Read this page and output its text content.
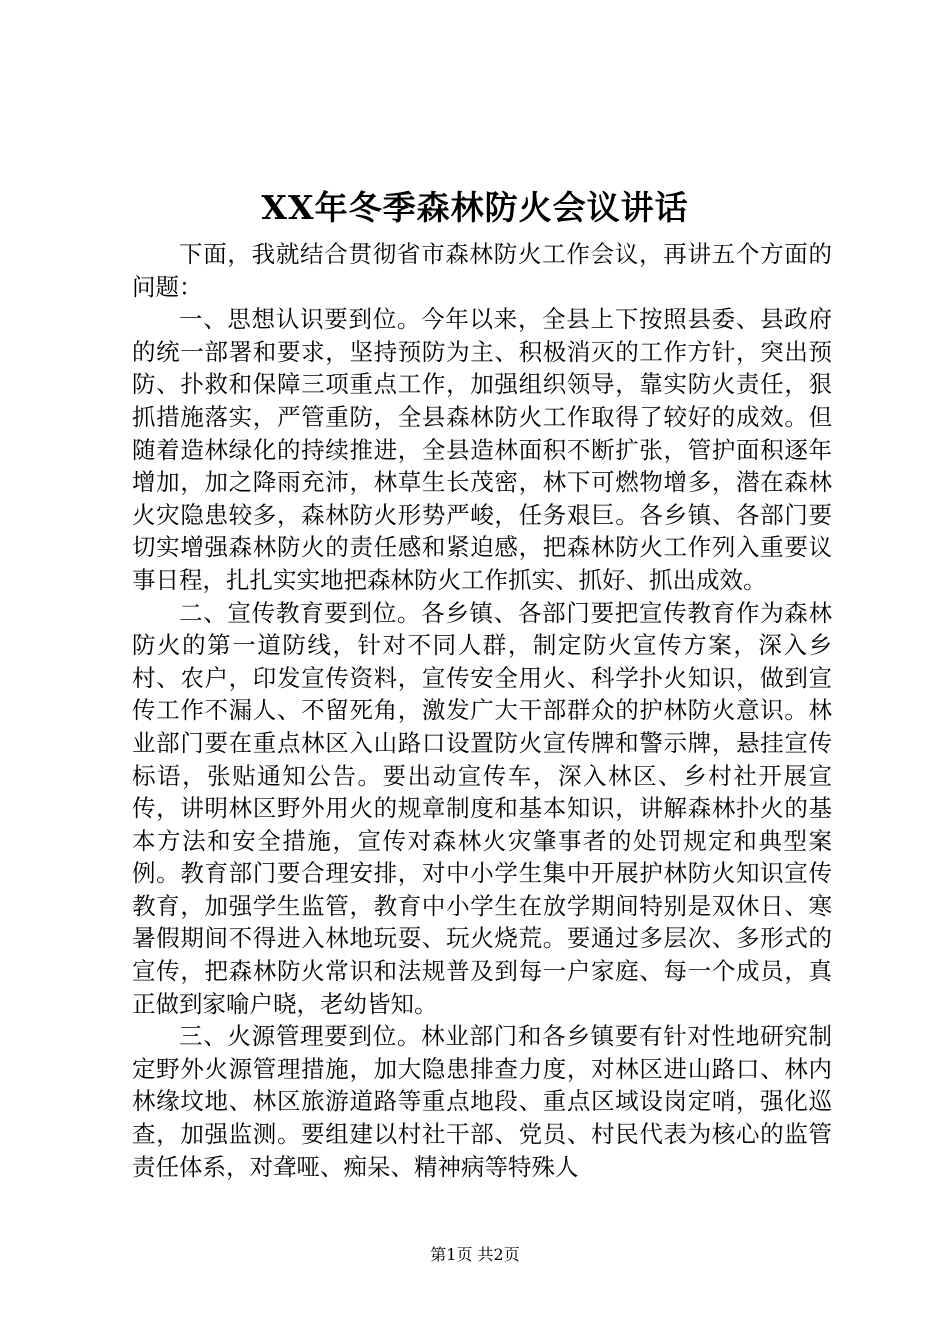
XX年冬季森林防火会议讲话

下面，我就结合贯彻省市森林防火工作会议，再讲五个方面的问题：

一、思想认识要到位。今年以来，全县上下按照县委、县政府的统一部署和要求，坚持预防为主、积极消灭的工作方针，突出预防、扑救和保障三项重点工作，加强组织领导，靠实防火责任，狠抓措施落实，严管重防，全县森林防火工作取得了较好的成效。但随着造林绿化的持续推进，全县造林面积不断扩张，管护面积逐年增加，加之降雨充沛，林草生长茂密，林下可燃物增多，潜在森林火灾隐患较多，森林防火形势严峻，任务艰巨。各乡镇、各部门要切实增强森林防火的责任感和紧迫感，把森林防火工作列入重要议事日程，扎扎实实地把森林防火工作抓实、抓好、抓出成效。

二、宣传教育要到位。各乡镇、各部门要把宣传教育作为森林防火的第一道防线，针对不同人群，制定防火宣传方案，深入乡村、农户，印发宣传资料，宣传安全用火、科学扑火知识，做到宣传工作不漏人、不留死角，激发广大干部群众的护林防火意识。林业部门要在重点林区入山路口设置防火宣传牌和警示牌，悬挂宣传标语，张贴通知公告。要出动宣传车，深入林区、乡村社开展宣传，讲明林区野外用火的规章制度和基本知识，讲解森林扑火的基本方法和安全措施，宣传对森林火灾肇事者的处罚规定和典型案例。教育部门要合理安排，对中小学生集中开展护林防火知识宣传教育，加强学生监管，教育中小学生在放学期间特别是双休日、寒暑假期间不得进入林地玩耍、玩火烧荒。要通过多层次、多形式的宣传，把森林防火常识和法规普及到每一户家庭、每一个成员，真正做到家喻户晓，老幼皆知。

三、火源管理要到位。林业部门和各乡镇要有针对性地研究制定野外火源管理措施，加大隐患排查力度，对林区进山路口、林内林缘坟地、林区旅游道路等重点地段、重点区域设岗定哨，强化巡查，加强监测。要组建以村社干部、党员、村民代表为核心的监管责任体系，对聋哑、痴呆、精神病等特殊人

第1页 共2页
